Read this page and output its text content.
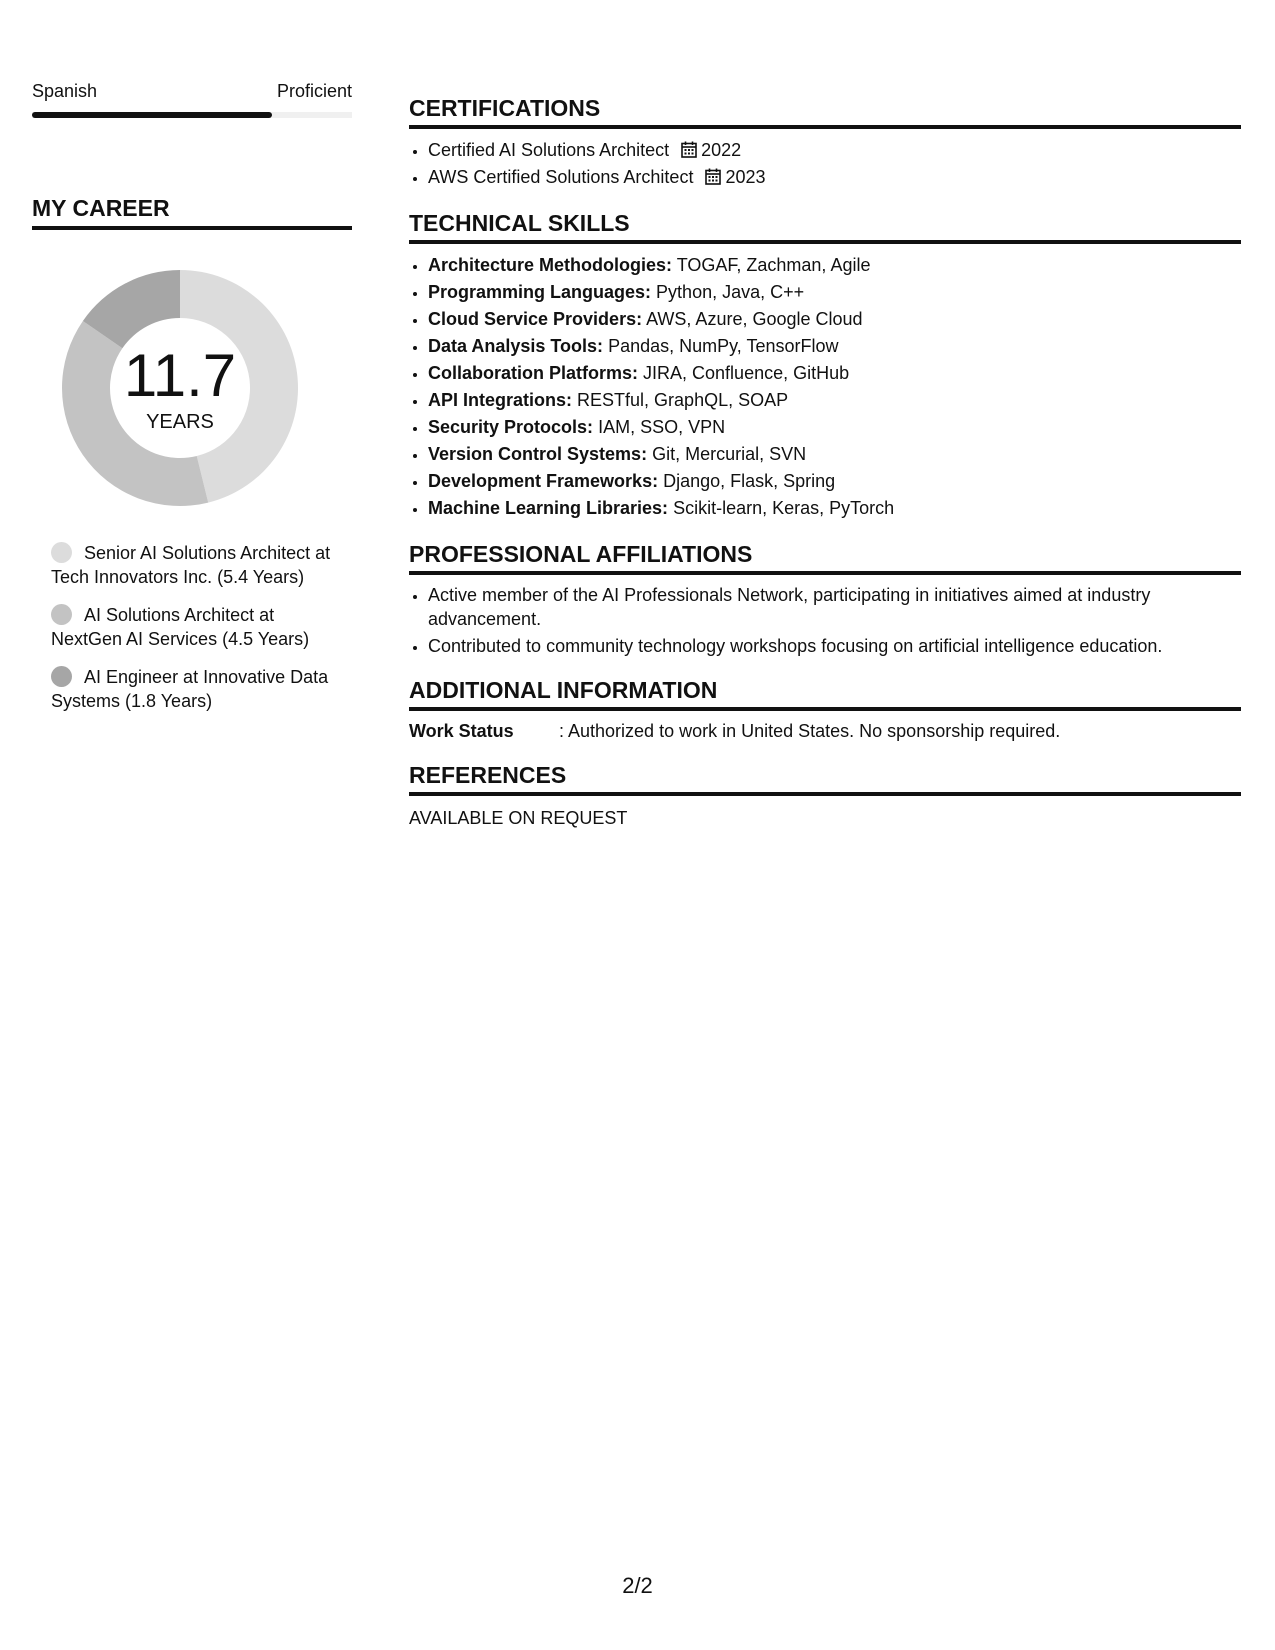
Spanish	Proficient
MY CAREER
11.7
YEARS
Senior AI Solutions Architect at Tech Innovators Inc. (5.4 Years)
AI Solutions Architect at NextGen AI Services (4.5 Years)
AI Engineer at Innovative Data Systems (1.8 Years)
CERTIFICATIONS
• Certified AI Solutions Architect 2022
• AWS Certified Solutions Architect 2023
TECHNICAL SKILLS
• Architecture Methodologies: TOGAF, Zachman, Agile
• Programming Languages: Python, Java, C++
• Cloud Service Providers: AWS, Azure, Google Cloud
• Data Analysis Tools: Pandas, NumPy, TensorFlow
• Collaboration Platforms: JIRA, Confluence, GitHub
• API Integrations: RESTful, GraphQL, SOAP
• Security Protocols: IAM, SSO, VPN
• Version Control Systems: Git, Mercurial, SVN
• Development Frameworks: Django, Flask, Spring
• Machine Learning Libraries: Scikit-learn, Keras, PyTorch
PROFESSIONAL AFFILIATIONS
• Active member of the AI Professionals Network, participating in initiatives aimed at industry advancement.
• Contributed to community technology workshops focusing on artificial intelligence education.
ADDITIONAL INFORMATION
Work Status	: Authorized to work in United States. No sponsorship required.
REFERENCES
AVAILABLE ON REQUEST
2/2
